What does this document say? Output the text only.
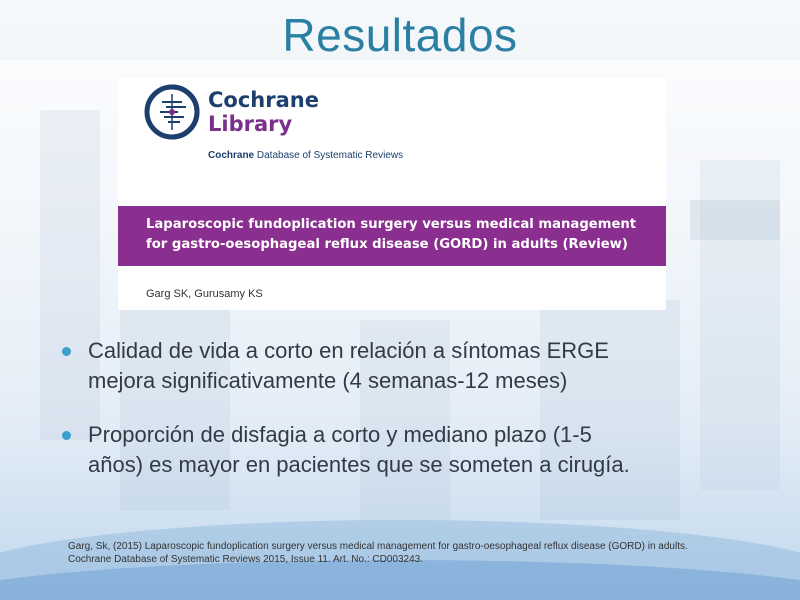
Resultados
Cochrane
Library
Cochrane Database of Systematic Reviews
Laparoscopic fundoplication surgery versus medical management
for gastro-oesophageal reflux disease (GORD) in adults (Review)
Garg SK, Gurusamy KS
Calidad de vida a corto en relación a síntomas ERGE
mejora significativamente (4 semanas-12 meses)
Proporción de disfagia a corto y mediano plazo (1-5
años) es mayor en pacientes que se someten a cirugía.
Garg, Sk, (2015) Laparoscopic fundoplication surgery versus medical management for gastro-oesophageal reflux disease (GORD) in adults.
Cochrane Database of Systematic Reviews 2015, Issue 11. Art. No.: CD003243.
